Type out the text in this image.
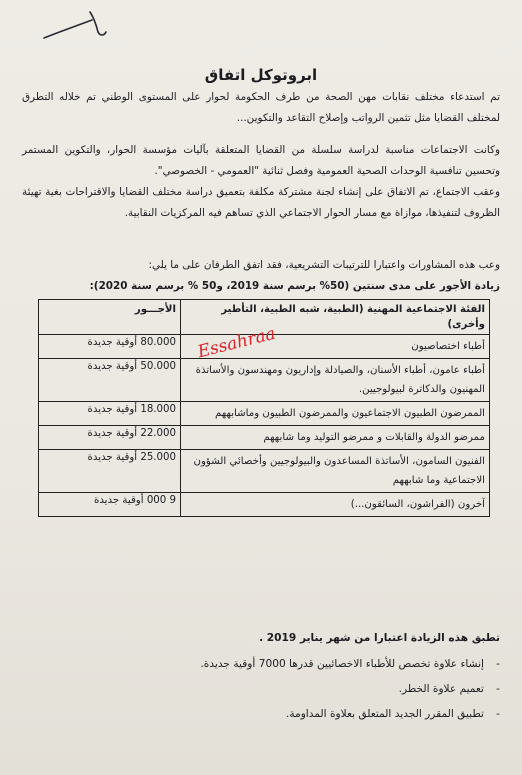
ابروتوكل اتفاق
تم استدعاء مختلف نقابات مهن الصحة من طرف الحكومة لحوار على المستوى الوطني تم خلاله التطرق لمختلف القضايا مثل تثمين الرواتب وإصلاح التقاعد والتكوين...
وكانت الاجتماعات مناسبة لدراسة سلسلة من القضايا المتعلقة بآليات مؤسسة الحوار، والتكوين المستمر وتحسين تنافسية الوحدات الصحية العمومية وفصل ثنائية "العمومي - الخصوصي".
وعقب الاجتماع، تم الاتفاق على إنشاء لجنة مشتركة مكلفة بتعميق دراسة مختلف القضايا والاقتراحات بغية تهيئة الظروف لتنفيذها، موازاة مع مسار الحوار الاجتماعي الذي تساهم فيه المركزيات النقابية.
وعب هذه المشاورات واعتبارا للترتيبات التشريعية، فقد اتفق الطرفان على ما يلي:
زيادة الأجور على مدى سنتين (50% برسم سنة 2019، و50 % برسم سنة 2020):
الفئة الاجتماعية المهنية (الطبية، شبه الطبية، التأطير وأخرى)	الأجـــور
أطباء اختصاصيون	80.000 أوقية جديدة
أطباء عامون، أطباء الأسنان، والصيادلة وإداريون ومهندسون والأساتذة المهنيون والدكاترة لبيولوجيين.	50.000 أوقية جديدة
الممرضون الطبيون الاجتماعيون والممرضون الطبيون وماشابههم	18.000 أوقية جديدة
ممرضو الدولة والقابلات و ممرضو التوليد وما شابههم	22.000 أوقية جديدة
الفنيون السامون، الأساتذة المساعدون والبيولوجيين وأخصائي الشؤون الاجتماعية وما شابههم	25.000 أوقية جديدة
آخرون (الفراشون، السائقون...)	9 000 أوقية جديدة
Essahraa
تطبق هذه الزيادة اعتبارا من شهر يناير 2019 .
- إنشاء علاوة تخصص للأطباء الاخصائيين قدرها 7000 أوقية جديدة.
- تعميم علاوة الخطر.
- تطبيق المقرر الجديد المتعلق بعلاوة المداومة.
